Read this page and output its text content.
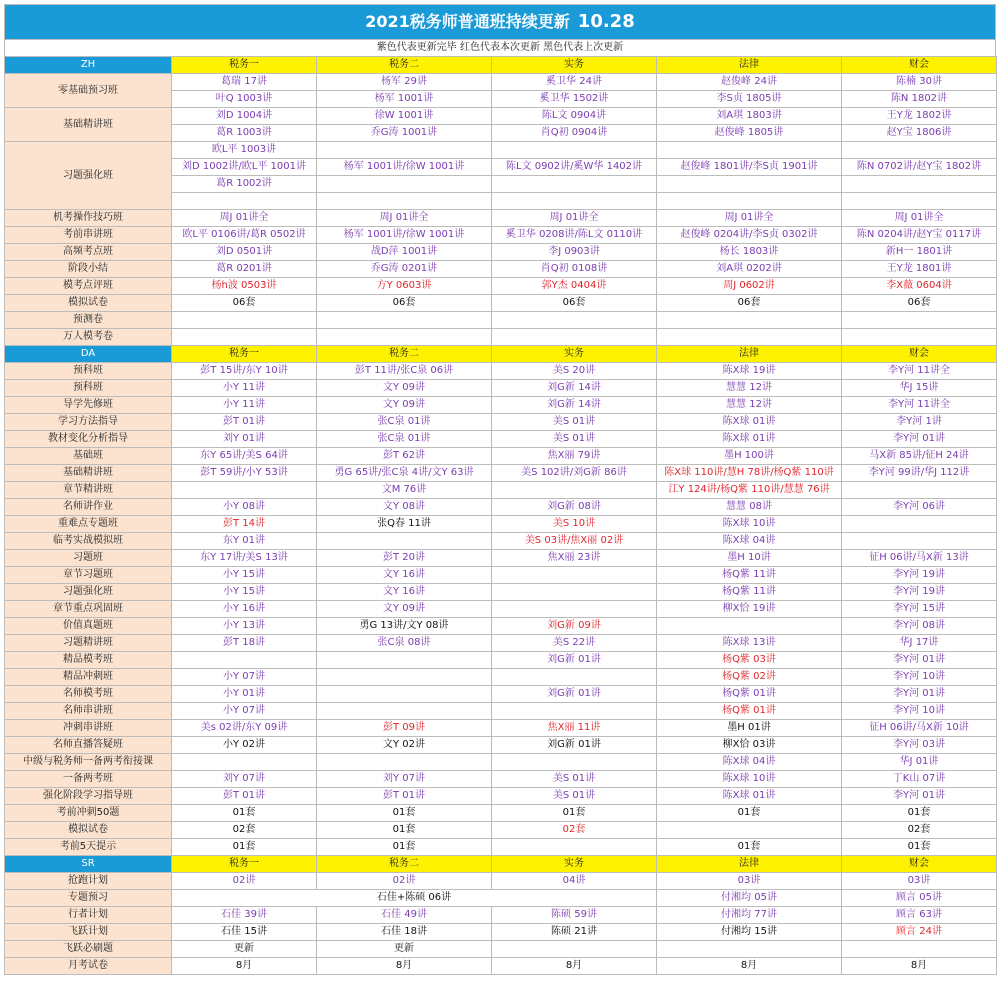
2021税务师普通班持续更新 10.28
紫色代表更新完毕 红色代表本次更新 黑色代表上次更新
ZH	税务一	税务二	实务	法律	财会
零基础预习班	葛瑞 17讲	杨军 29讲	奚卫华 24讲	赵俊峰 24讲	陈楠 30讲
	叶Q 1003讲	杨军 1001讲	奚卫华 1502讲	李S贞 1805讲	陈N 1802讲
基础精讲班	刘D 1004讲	徐W 1001讲	陈L文 0904讲	刘A琪 1803讲	王Y龙 1802讲
	葛R 1003讲	乔G涛 1001讲	肖Q初 0904讲	赵俊峰 1805讲	赵Y宝 1806讲
习题强化班	欧L平 1003讲				
	刘D 1002讲/欧L平 1001讲	杨军 1001讲/徐W 1001讲	陈L文 0902讲/奚W华 1402讲	赵俊峰 1801讲/李S贞 1901讲	陈N 0702讲/赵Y宝 1802讲
	葛R 1002讲				

机考操作技巧班	周J 01讲全	周J 01讲全	周J 01讲全	周J 01讲全	周J 01讲全
考前串讲班	欧L平 0106讲/葛R 0502讲	杨军 1001讲/徐W 1001讲	奚卫华 0208讲/陈L文 0110讲	赵俊峰 0204讲/李S贞 0302讲	陈N 0204讲/赵Y宝 0117讲
高频考点班	刘D 0501讲	战D萍 1001讲	李J 0903讲	杨长 1803讲	新H一 1801讲
阶段小结	葛R 0201讲	乔G涛 0201讲	肖Q初 0108讲	刘A琪 0202讲	王Y龙 1801讲
模考点评班	杨h波 0503讲	方Y 0603讲	郭Y杰 0404讲	周J 0602讲	李X薇 0604讲
模拟试卷	06套	06套	06套	06套	06套
预测卷					
万人模考卷					
DA	税务一	税务二	实务	法律	财会
预科班	彭T 15讲/东Y 10讲	彭T 11讲/张C泉 06讲	美S 20讲	陈X球 19讲	李Y河 11讲全
预科班	小Y 11讲	文Y 09讲	刘G新 14讲	慧慧 12讲	华J 15讲
导学先修班	小Y 11讲	文Y 09讲	刘G新 14讲	慧慧 12讲	李Y河 11讲全
学习方法指导	彭T 01讲	张C泉 01讲	美S 01讲	陈X球 01讲	李Y河 1讲
教材变化分析指导	刘Y 01讲	张C泉 01讲	美S 01讲	陈X球 01讲	李Y河 01讲
基础班	东Y 65讲/美S 64讲	彭T 62讲	焦X丽 79讲	墨H 100讲	马X新 85讲/征H 24讲
基础精讲班	彭T 59讲/小Y 53讲	勇G 65讲/张C泉 4讲/文Y 63讲	美S 102讲/刘G新 86讲	陈X球 110讲/慧H 78讲/杨Q紫 110讲	李Y河 99讲/华J 112讲
章节精讲班		文M 76讲		江Y 124讲/杨Q紫 110讲/慧慧 76讲	
名师讲作业	小Y 08讲	文Y 08讲	刘G新 08讲	慧慧 08讲	李Y河 06讲
重难点专题班	彭T 14讲	张Q春 11讲	美S 10讲	陈X球 10讲	
临考实战模拟班	东Y 01讲		美S 03讲/焦X丽 02讲	陈X球 04讲	
习题班	东Y 17讲/美S 13讲	彭T 20讲	焦X丽 23讲	墨H 10讲	征H 06讲/马X新 13讲
章节习题班	小Y 15讲	文Y 16讲		杨Q紫 11讲	李Y河 19讲
习题强化班	小Y 15讲	文Y 16讲		杨Q紫 11讲	李Y河 19讲
章节重点巩固班	小Y 16讲	文Y 09讲		柳X恰 19讲	李Y河 15讲
价值真题班	小Y 13讲	勇G 13讲/文Y 08讲	刘G新 09讲		李Y河 08讲
习题精讲班	彭T 18讲	张C泉 08讲	美S 22讲	陈X球 13讲	华J 17讲
精品模考班			刘G新 01讲	杨Q紫 03讲	李Y河 01讲
精品冲刺班	小Y 07讲			杨Q紫 02讲	李Y河 10讲
名师模考班	小Y 01讲		刘G新 01讲	杨Q紫 01讲	李Y河 01讲
名师串讲班	小Y 07讲			杨Q紫 01讲	李Y河 10讲
冲刺串讲班	美s 02讲/东Y 09讲	彭T 09讲	焦X丽 11讲	墨H 01讲	征H 06讲/马X新 10讲
名师直播答疑班	小Y 02讲	文Y 02讲	刘G新 01讲	柳X恰 03讲	李Y河 03讲
中级与税务师一备两考衔接课				陈X球 04讲	华J 01讲
一备两考班	刘Y 07讲	刘Y 07讲	美S 01讲	陈X球 10讲	丁K山 07讲
强化阶段学习指导班	彭T 01讲	彭T 01讲	美S 01讲	陈X球 01讲	李Y河 01讲
考前冲刺50题	01套	01套	01套	01套	01套
模拟试卷	02套	01套	02套		02套
考前5天提示	01套	01套		01套	01套
SR	税务一	税务二	实务	法律	财会
抢跑计划	02讲	02讲	04讲	03讲	03讲
专题预习	石佳+陈硕 06讲			付湘均 05讲	顾言 05讲
行者计划	石佳 39讲	石佳 49讲	陈硕 59讲	付湘均 77讲	顾言 63讲
飞跃计划	石佳 15讲	石佳 18讲	陈硕 21讲	付湘均 15讲	顾言 24讲
飞跃必刷题	更新	更新			
月考试卷	8月	8月	8月	8月	8月
